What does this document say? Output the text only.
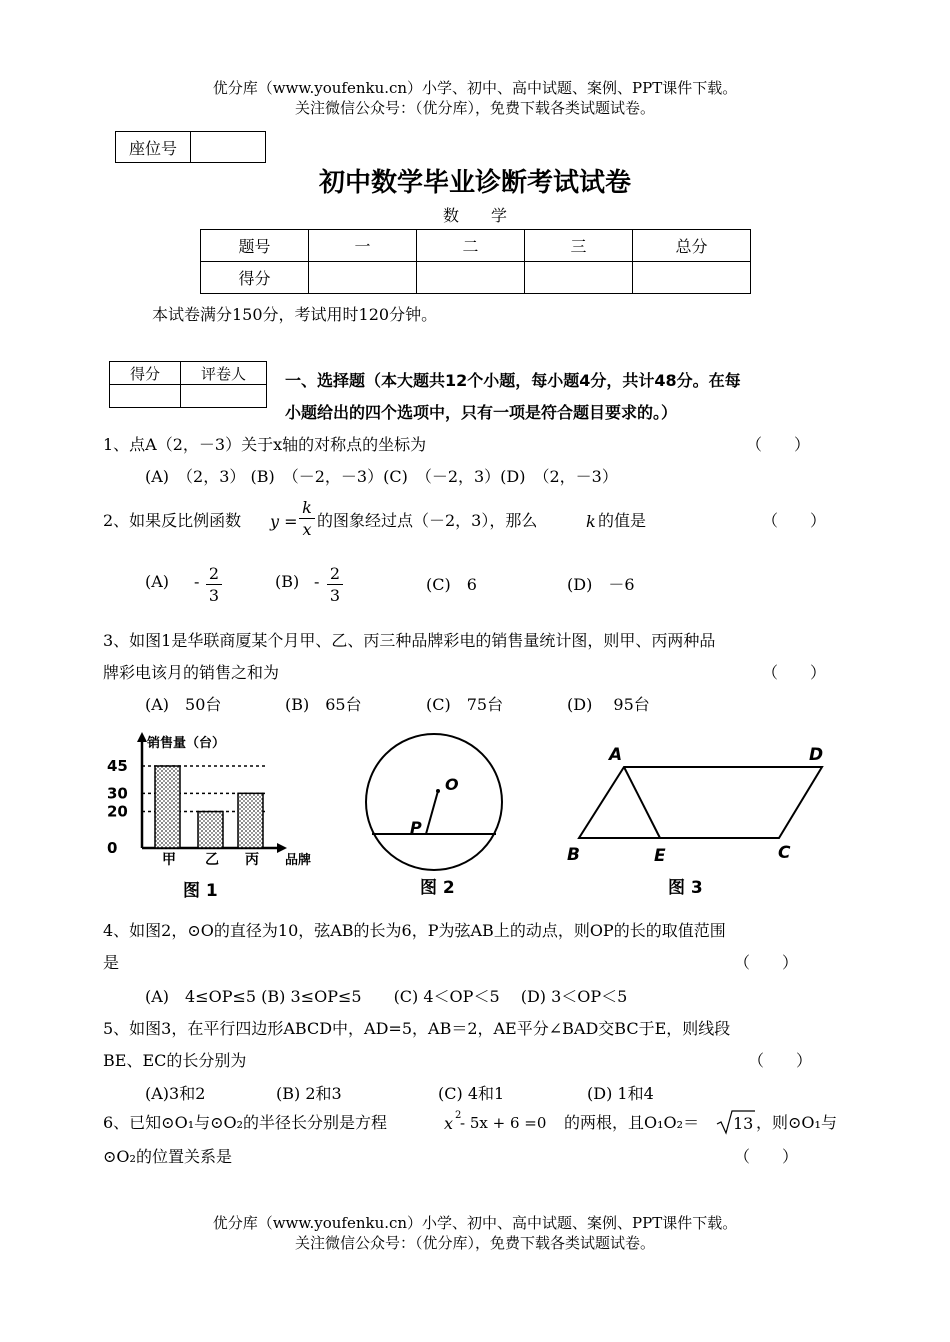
优分库（www.youfenku.cn）小学、初中、高中试题、案例、PPT课件下载。
关注微信公众号：（优分库），免费下载各类试题试卷。
座位号	
初中数学毕业诊断考试试卷
数　　学
题号	一	二	三	总分
得分				
本试卷满分150分，考试用时120分钟。
得分	评卷人
	一、选择题（本大题共12个小题，每小题4分，共计48分。在每
小题给出的四个选项中，只有一项是符合题目要求的。）
1、点A（2，－3）关于x轴的对称点的坐标为	（　　）
(A)　（2，3） (B)　（－2，－3）(C)　（－2，3）(D)　（2，－3）
2、如果反比例函数 $y = \frac{k}{x}$ 的图象经过点（－2，3），那么	k 的值是	（　　）
$(A) - \frac{2}{3}$	$(B) - \frac{2}{3}$	(C)　6	(D)　－6
3、如图1是华联商厦某个月甲、乙、丙三种品牌彩电的销售量统计图，则甲、丙两种品
牌彩电该月的销售之和为	（　　）
(A)　50台	(B)　65台	(C)　75台	(D)　 95台
销售量（台）
45
30
20
0
甲 乙 丙 品牌
图 1
O
P
图 2
A	D
B	E	C
图 3
4、如图2，⊙O的直径为10，弦AB的长为6，P为弦AB上的动点，则OP的长的取值范围
是	（　　）
(A)　4≤OP≤5 (B) 3≤OP≤5　　(C) 4＜OP＜5　 (D) 3＜OP＜5
5、如图3，在平行四边形ABCD中，AD=5，AB＝2，AE平分∠BAD交BC于E，则线段
BE、EC的长分别为	（　　）
(A)3和2	(B) 2和3	(C) 4和1	(D) 1和4
6、已知⊙O₁与⊙O₂的半径长分别是方程	x 2
- 5x + 6 =0 的两根，且O₁O₂＝ 13 ，则⊙O₁与
⊙O₂的位置关系是	（　　）
优分库（www.youfenku.cn）小学、初中、高中试题、案例、PPT课件下载。
关注微信公众号：（优分库），免费下载各类试题试卷。
